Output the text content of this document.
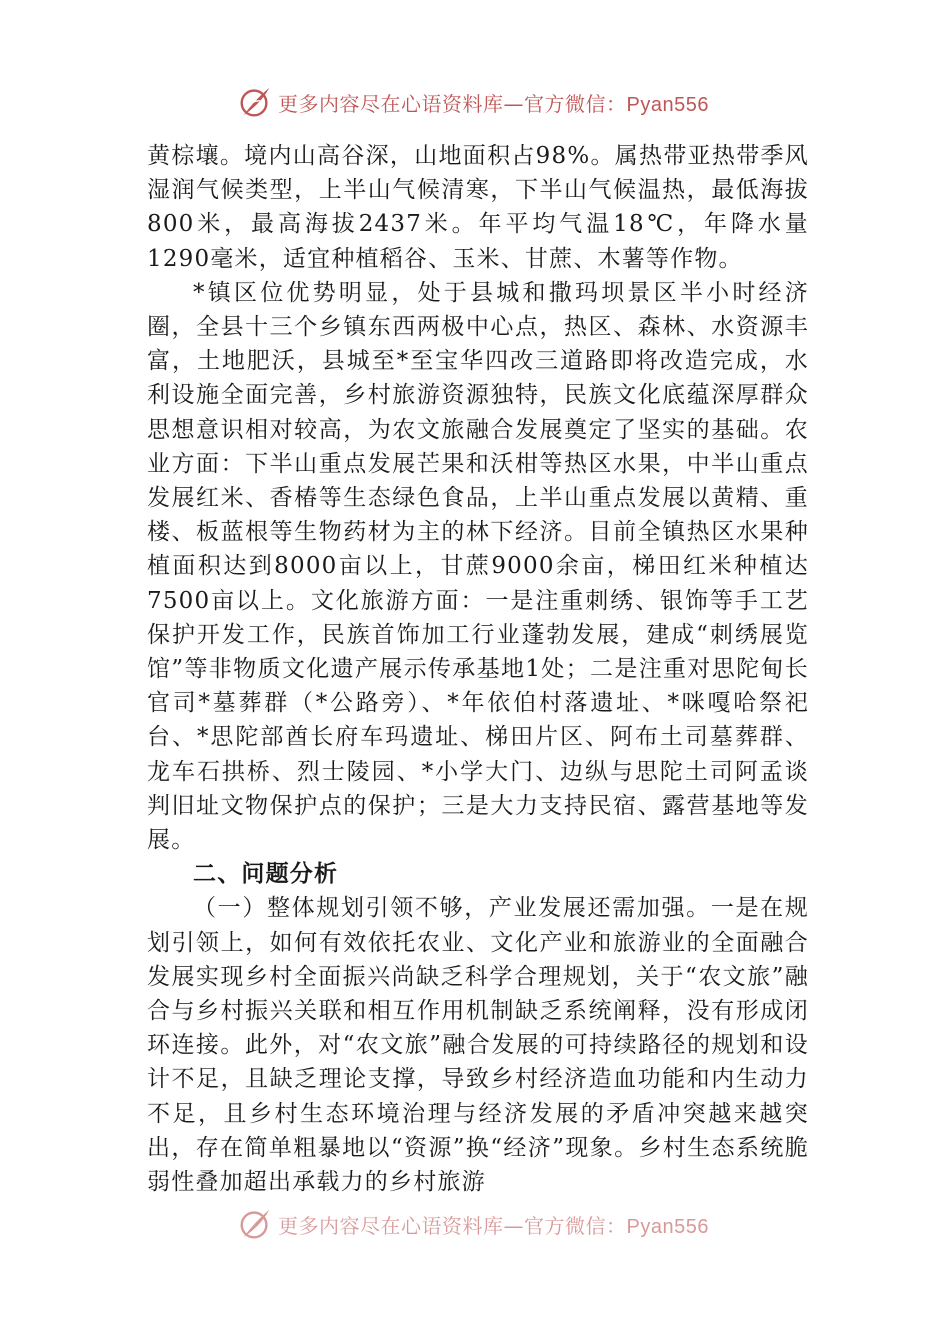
更多内容尽在心语资料库—官方微信：Pyan556

黄棕壤。境内山高谷深，山地面积占98%。属热带亚热带季风湿润气候类型，上半山气候清寒，下半山气候温热，最低海拔800米，最高海拔2437米。年平均气温18℃，年降水量1290毫米，适宜种植稻谷、玉米、甘蔗、木薯等作物。

*镇区位优势明显，处于县城和撒玛坝景区半小时经济圈，全县十三个乡镇东西两极中心点，热区、森林、水资源丰富，土地肥沃，县城至*至宝华四改三道路即将改造完成，水利设施全面完善，乡村旅游资源独特，民族文化底蕴深厚群众思想意识相对较高，为农文旅融合发展奠定了坚实的基础。农业方面：下半山重点发展芒果和沃柑等热区水果，中半山重点发展红米、香椿等生态绿色食品，上半山重点发展以黄精、重楼、板蓝根等生物药材为主的林下经济。目前全镇热区水果种植面积达到8000亩以上，甘蔗9000余亩，梯田红米种植达7500亩以上。文化旅游方面：一是注重刺绣、银饰等手工艺保护开发工作，民族首饰加工行业蓬勃发展，建成“刺绣展览馆”等非物质文化遗产展示传承基地1处；二是注重对思陀甸长官司*墓葬群（*公路旁）、*年依伯村落遗址、*咪嘎哈祭祀台、*思陀部酋长府车玛遗址、梯田片区、阿布土司墓葬群、龙车石拱桥、烈士陵园、*小学大门、边纵与思陀土司阿孟谈判旧址文物保护点的保护；三是大力支持民宿、露营基地等发展。

二、问题分析

（一）整体规划引领不够，产业发展还需加强。一是在规划引领上，如何有效依托农业、文化产业和旅游业的全面融合发展实现乡村全面振兴尚缺乏科学合理规划，关于“农文旅”融合与乡村振兴关联和相互作用机制缺乏系统阐释，没有形成闭环连接。此外，对“农文旅”融合发展的可持续路径的规划和设计不足，且缺乏理论支撑，导致乡村经济造血功能和内生动力不足，且乡村生态环境治理与经济发展的矛盾冲突越来越突出，存在简单粗暴地以“资源”换“经济”现象。乡村生态系统脆弱性叠加超出承载力的乡村旅游

更多内容尽在心语资料库—官方微信：Pyan556
